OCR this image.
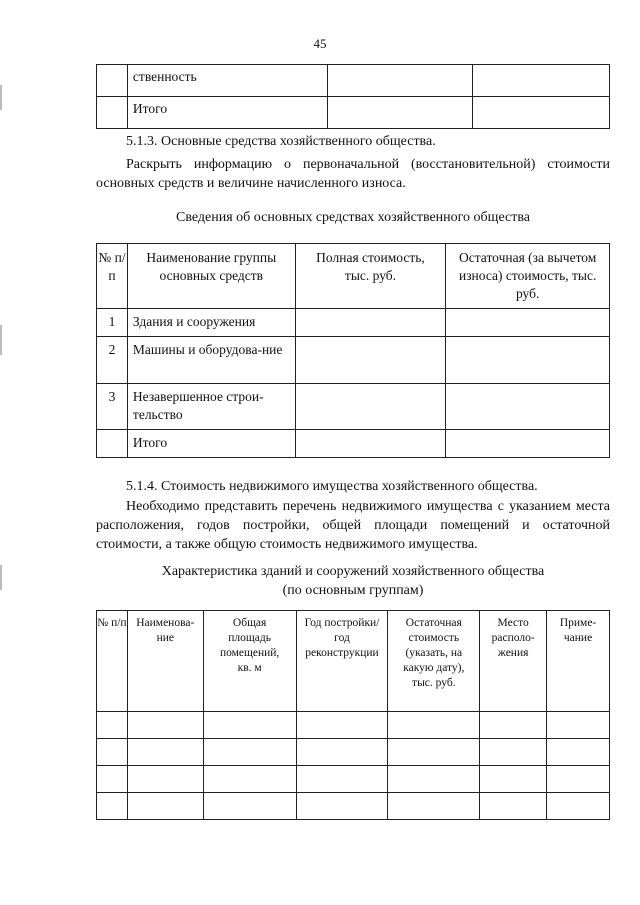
45
	ственность		
	Итого		
5.1.3. Основные средства хозяйственного общества.
Раскрыть информацию о первоначальной (восстановительной) стоимости основных средств и величине начисленного износа.
Сведения об основных средствах хозяйственного общества
№ п/п	Наименование группы основных средств	Полная стоимость, тыс. руб.	Остаточная (за вычетом износа) стоимость, тыс. руб.
1	Здания и сооружения		
2	Машины и оборудова-ние		
3	Незавершенное строи-тельство		
	Итого		
5.1.4. Стоимость недвижимого имущества хозяйственного общества.
Необходимо представить перечень недвижимого имущества с указанием места расположения, годов постройки, общей площади помещений и остаточной стоимости, а также общую стоимость недвижимого имущества.
Характеристика зданий и сооружений хозяйственного общества
(по основным группам)
№ п/п	Наименова-ние	Общая площадь помещений, кв. м	Год постройки/ год реконструкции	Остаточная стоимость (указать, на какую дату), тыс. руб.	Место располо-жения	Приме-чание
